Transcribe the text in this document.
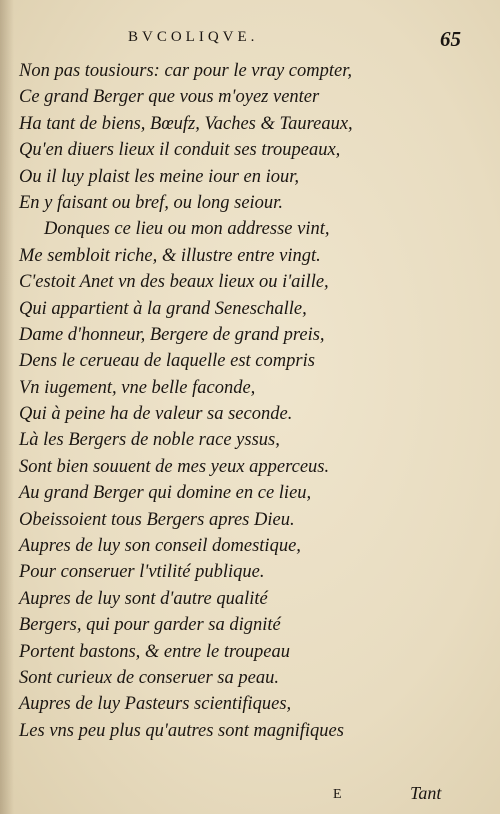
BVCOLIQVE.	65
Non pas tousiours: car pour le vray compter,
Ce grand Berger que vous m'oyez venter
Ha tant de biens, Bœufz, Vaches & Taureaux,
Qu'en diuers lieux il conduit ses troupeaux,
Ou il luy plaist les meine iour en iour,
En y faisant ou bref, ou long seiour.
Donques ce lieu ou mon addresse vint,
Me sembloit riche, & illustre entre vingt.
C'estoit Anet vn des beaux lieux ou i'aille,
Qui appartient à la grand Seneschalle,
Dame d'honneur, Bergere de grand preis,
Dens le cerueau de laquelle est compris
Vn iugement, vne belle faconde,
Qui à peine ha de valeur sa seconde.
Là les Bergers de noble race yssus,
Sont bien souuent de mes yeux apperceus.
Au grand Berger qui domine en ce lieu,
Obeissoient tous Bergers apres Dieu.
Aupres de luy son conseil domestique,
Pour conseruer l'vtilité publique.
Aupres de luy sont d'autre qualité
Bergers, qui pour garder sa dignité
Portent bastons, & entre le troupeau
Sont curieux de conseruer sa peau.
Aupres de luy Pasteurs scientifiques,
Les vns peu plus qu'autres sont magnifiques
E	Tant
